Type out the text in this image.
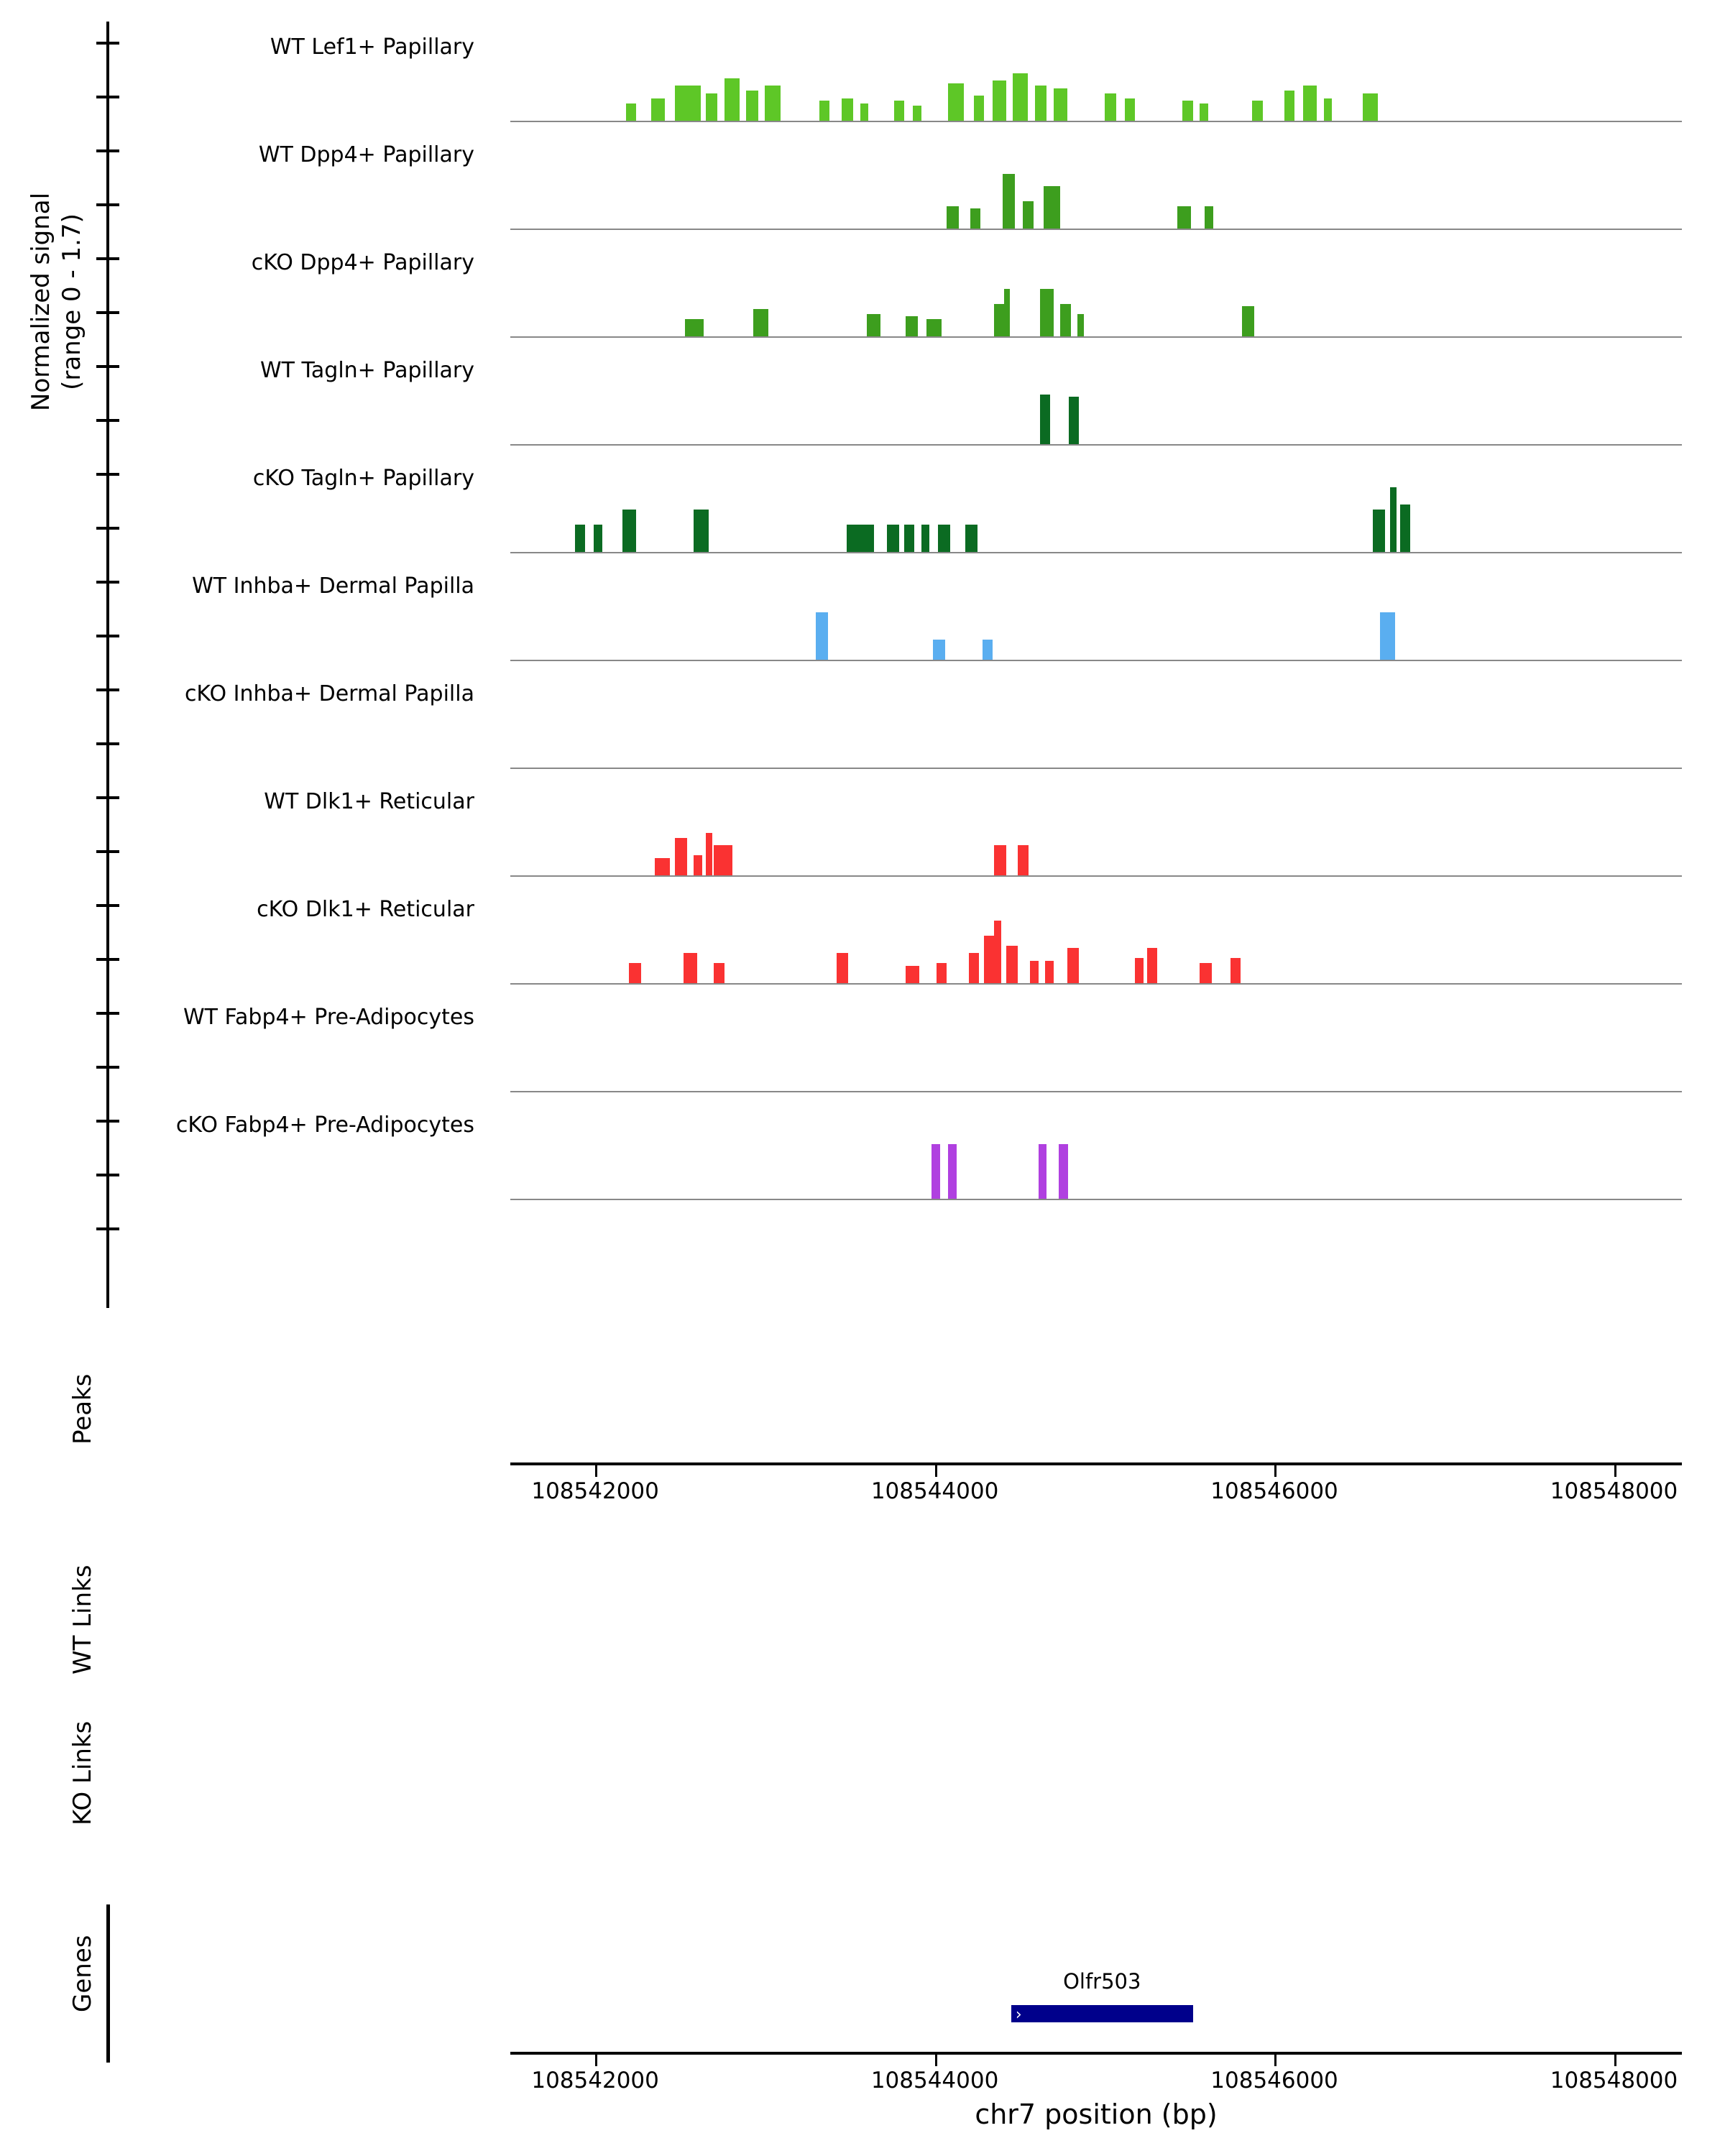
Normalized signal (range 0 - 1.7)
WT Lef1+ Papillary
WT Dpp4+ Papillary
cKO Dpp4+ Papillary
WT Tagln+ Papillary
cKO Tagln+ Papillary
WT Inhba+ Dermal Papilla
cKO Inhba+ Dermal Papilla
WT Dlk1+ Reticular
cKO Dlk1+ Reticular
WT Fabp4+ Pre-Adipocytes
cKO Fabp4+ Pre-Adipocytes
Peaks
WT Links
KO Links
Genes
108542000	108544000	108546000	108548000
Olfr503
›
108542000	108544000	108546000	108548000
chr7 position (bp)
